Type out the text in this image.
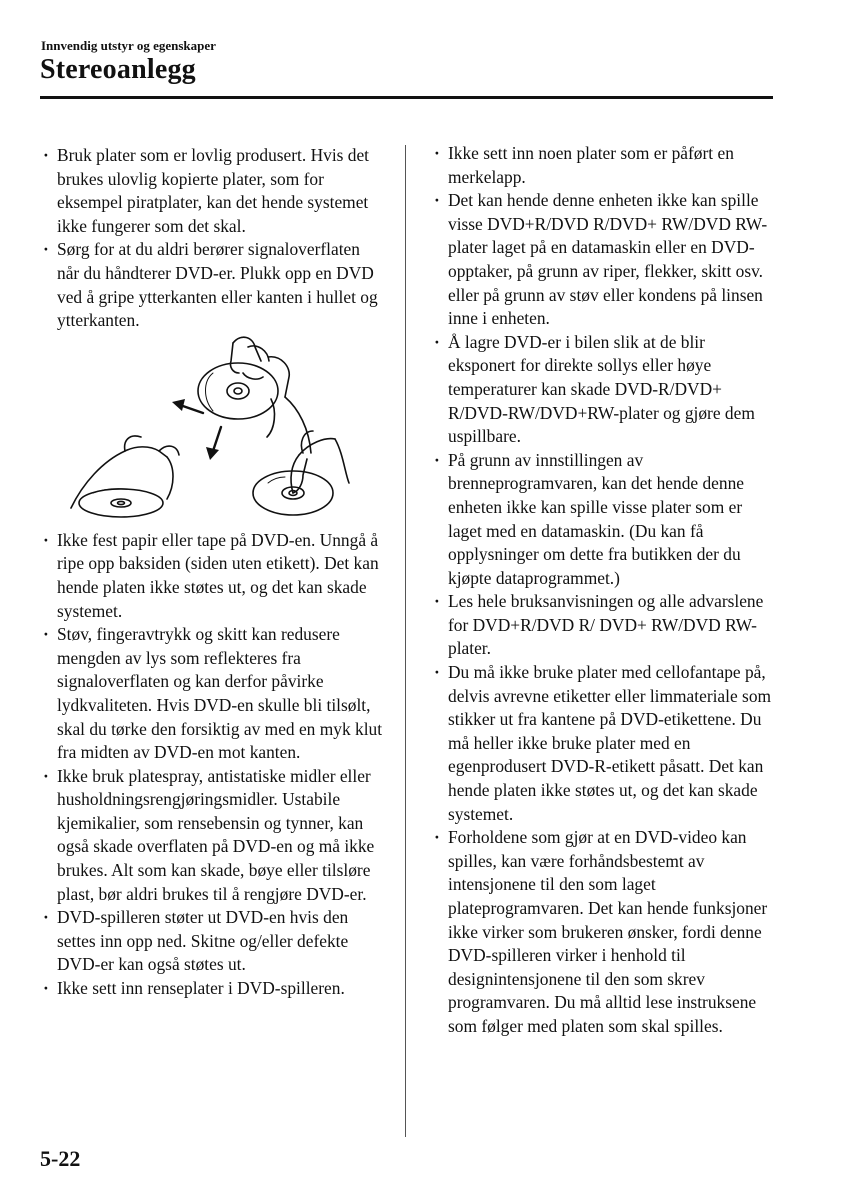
Innvendig utstyr og egenskaper
Stereoanlegg
· Bruk plater som er lovlig produsert. Hvis det brukes ulovlig kopierte plater, som for eksempel piratplater, kan det hende systemet ikke fungerer som det skal.
· Sørg for at du aldri berører signaloverflaten når du håndterer DVD-er. Plukk opp en DVD ved å gripe ytterkanten eller kanten i hullet og ytterkanten.
· Ikke fest papir eller tape på DVD-en. Unngå å ripe opp baksiden (siden uten etikett). Det kan hende platen ikke støtes ut, og det kan skade systemet.
· Støv, fingeravtrykk og skitt kan redusere mengden av lys som reflekteres fra signaloverflaten og kan derfor påvirke lydkvaliteten. Hvis DVD-en skulle bli tilsølt, skal du tørke den forsiktig av med en myk klut fra midten av DVD-en mot kanten.
· Ikke bruk platespray, antistatiske midler eller husholdningsrengjøringsmidler. Ustabile kjemikalier, som rensebensin og tynner, kan også skade overflaten på DVD-en og må ikke brukes. Alt som kan skade, bøye eller tilsløre plast, bør aldri brukes til å rengjøre DVD-er.
· DVD-spilleren støter ut DVD-en hvis den settes inn opp ned. Skitne og/eller defekte DVD-er kan også støtes ut.
· Ikke sett inn renseplater i DVD-spilleren.
· Ikke sett inn noen plater som er påført en merkelapp.
· Det kan hende denne enheten ikke kan spille visse DVD+R/DVD R/DVD+ RW/DVD RW-plater laget på en datamaskin eller en DVD-opptaker, på grunn av riper, flekker, skitt osv. eller på grunn av støv eller kondens på linsen inne i enheten.
· Å lagre DVD-er i bilen slik at de blir eksponert for direkte sollys eller høye temperaturer kan skade DVD-R/DVD+ R/DVD-RW/DVD+RW-plater og gjøre dem uspillbare.
· På grunn av innstillingen av brenneprogramvaren, kan det hende denne enheten ikke kan spille visse plater som er laget med en datamaskin. (Du kan få opplysninger om dette fra butikken der du kjøpte dataprogrammet.)
· Les hele bruksanvisningen og alle advarslene for DVD+R/DVD R/ DVD+ RW/DVD RW-plater.
· Du må ikke bruke plater med cellofantape på, delvis avrevne etiketter eller limmateriale som stikker ut fra kantene på DVD-etikettene. Du må heller ikke bruke plater med en egenprodusert DVD-R-etikett påsatt. Det kan hende platen ikke støtes ut, og det kan skade systemet.
· Forholdene som gjør at en DVD-video kan spilles, kan være forhåndsbestemt av intensjonene til den som laget plateprogramvaren. Det kan hende funksjoner ikke virker som brukeren ønsker, fordi denne DVD-spilleren virker i henhold til designintensjonene til den som skrev programvaren. Du må alltid lese instruksene som følger med platen som skal spilles.
5-22
